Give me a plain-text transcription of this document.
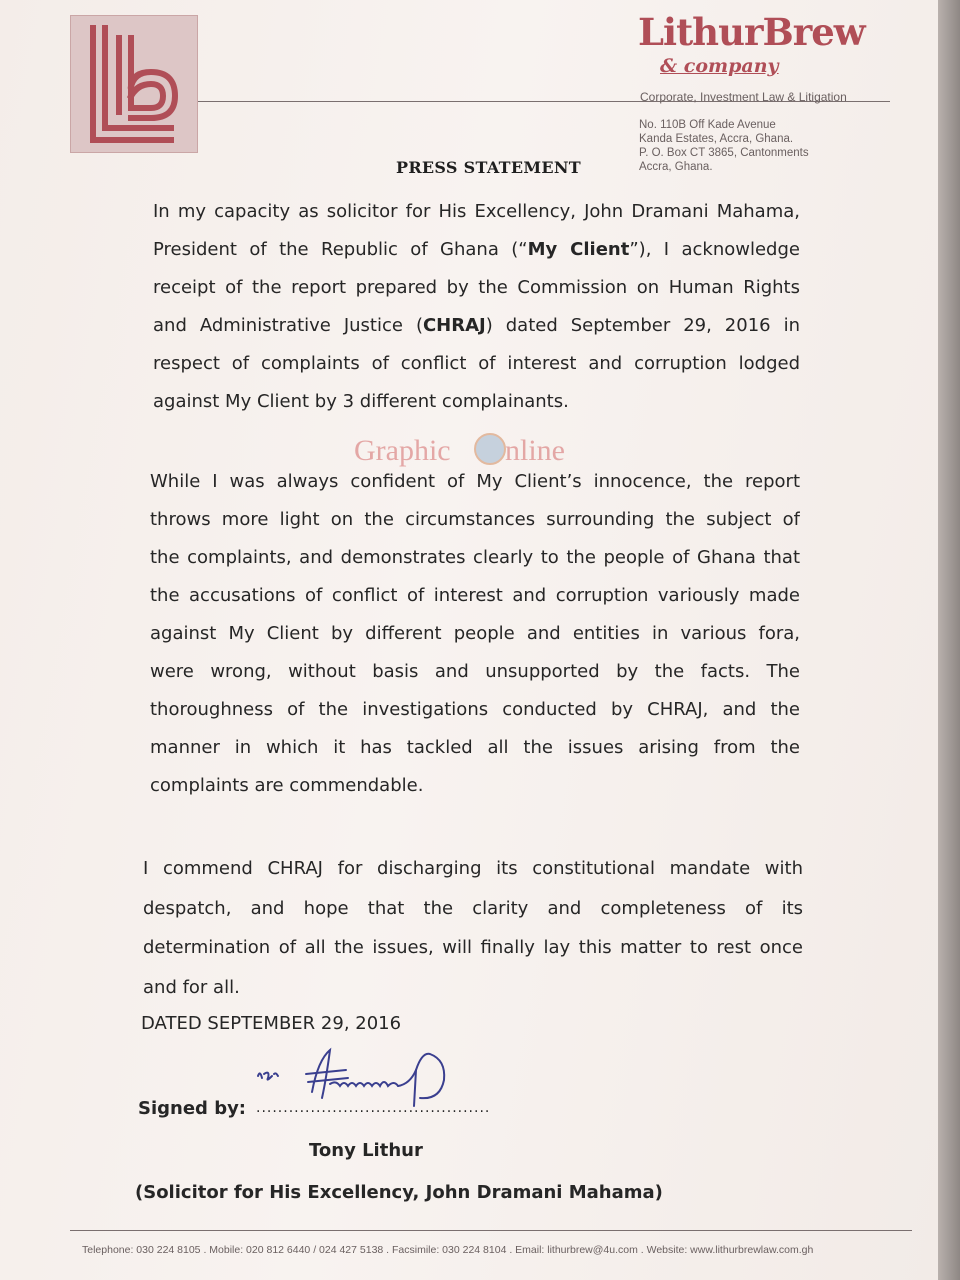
LithurBrew
& company
Corporate, Investment Law & Litigation
No. 110B Off Kade Avenue
Kanda Estates, Accra, Ghana.
P. O. Box CT 3865, Cantonments
Accra, Ghana.
PRESS STATEMENT
In my capacity as solicitor for His Excellency, John Dramani Mahama,
President of the Republic of Ghana (“My Client”), I acknowledge
receipt of the report prepared by the Commission on Human Rights
and Administrative Justice (CHRAJ) dated September 29, 2016 in
respect of complaints of conflict of interest and corruption lodged
against My Client by 3 different complainants.
Graphic nline
While I was always confident of My Client’s innocence, the report
throws more light on the circumstances surrounding the subject of
the complaints, and demonstrates clearly to the people of Ghana that
the accusations of conflict of interest and corruption variously made
against My Client by different people and entities in various fora,
were wrong, without basis and unsupported by the facts. The
thoroughness of the investigations conducted by CHRAJ, and the
manner in which it has tackled all the issues arising from the
complaints are commendable.
I commend CHRAJ for discharging its constitutional mandate with
despatch, and hope that the clarity and completeness of its
determination of all the issues, will finally lay this matter to rest once
and for all.
DATED SEPTEMBER 29, 2016
Signed by: ...........................................
Tony Lithur
(Solicitor for His Excellency, John Dramani Mahama)
Telephone: 030 224 8105 . Mobile: 020 812 6440 / 024 427 5138 . Facsimile: 030 224 8104 . Email: lithurbrew@4u.com . Website: www.lithurbrewlaw.com.gh
